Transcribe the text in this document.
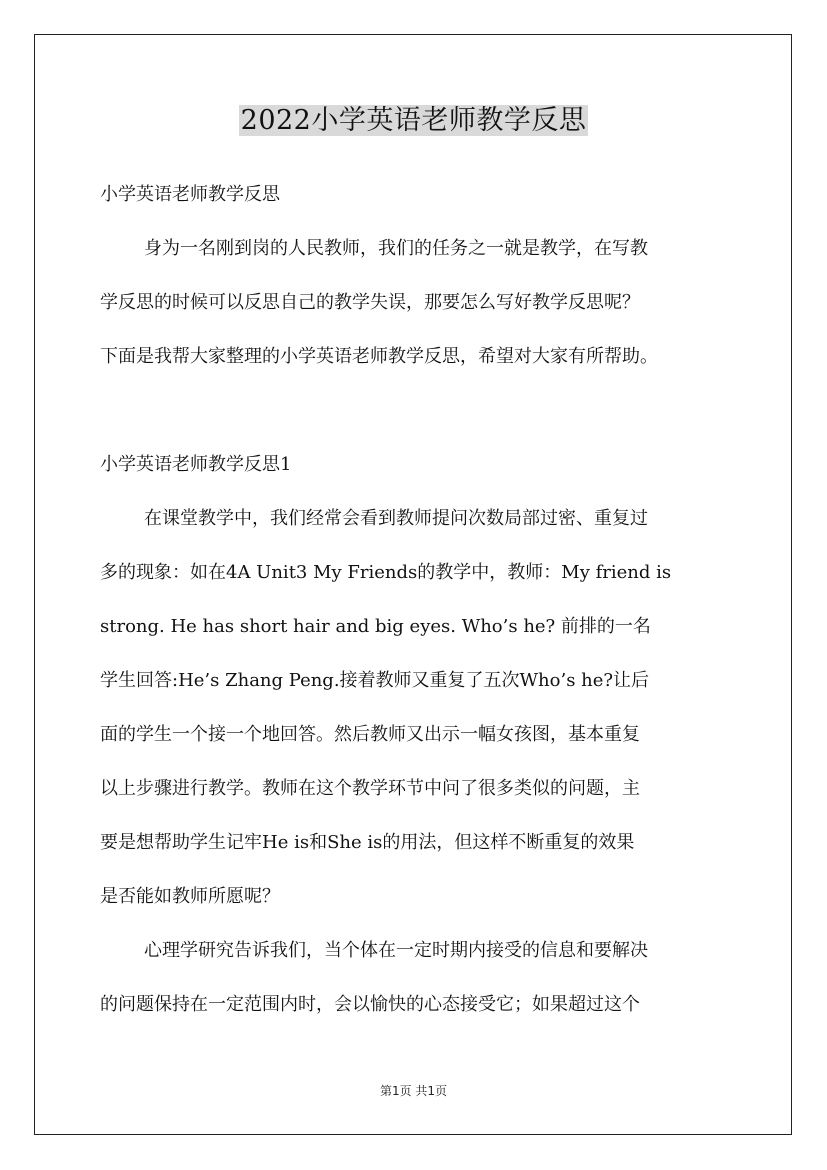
2022小学英语老师教学反思
小学英语老师教学反思
身为一名刚到岗的人民教师，我们的任务之一就是教学，在写教
学反思的时候可以反思自己的教学失误，那要怎么写好教学反思呢？
下面是我帮大家整理的小学英语老师教学反思，希望对大家有所帮助。
小学英语老师教学反思1
在课堂教学中，我们经常会看到教师提问次数局部过密、重复过
多的现象：如在4A Unit3 My Friends的教学中，教师：My friend is
strong. He has short hair and big eyes. Who’s he? 前排的一名
学生回答:He’s Zhang Peng.接着教师又重复了五次Who’s he?让后
面的学生一个接一个地回答。然后教师又出示一幅女孩图，基本重复
以上步骤进行教学。教师在这个教学环节中问了很多类似的问题，主
要是想帮助学生记牢He is和She is的用法，但这样不断重复的效果
是否能如教师所愿呢？
心理学研究告诉我们，当个体在一定时期内接受的信息和要解决
的问题保持在一定范围内时，会以愉快的心态接受它；如果超过这个
第1页 共1页
